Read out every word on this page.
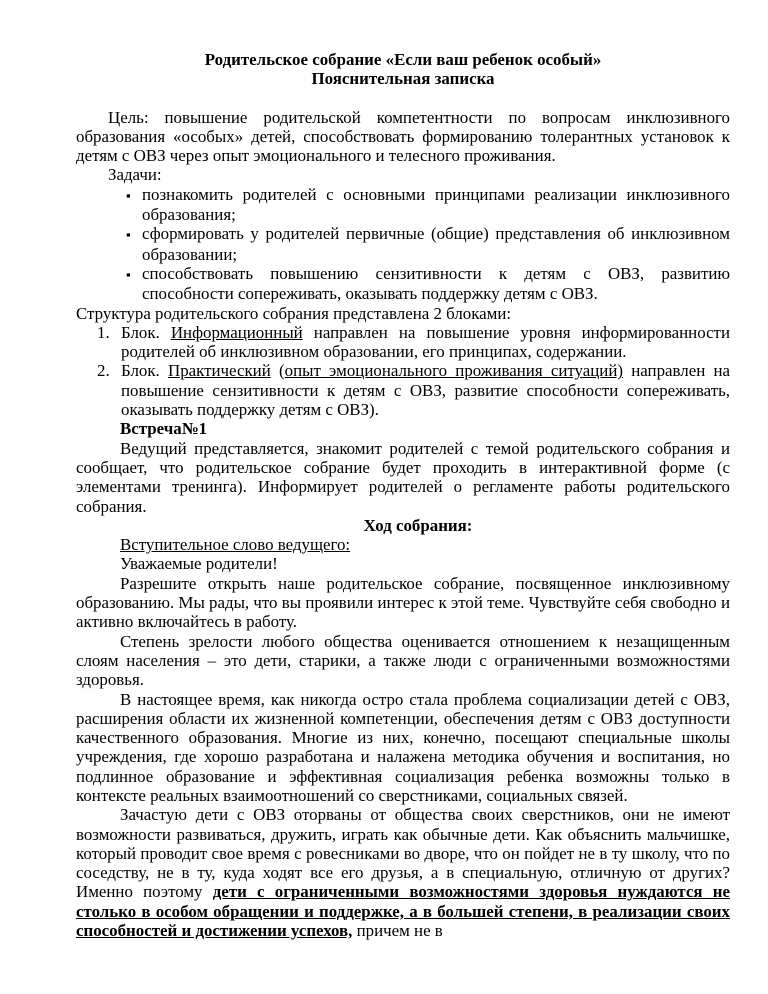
Родительское собрание «Если ваш ребенок особый»

Пояснительная записка

Цель: повышение родительской компетентности по вопросам инклюзивного образования «особых» детей, способствовать формированию толерантных установок к детям с ОВЗ через опыт эмоционального и телесного проживания.

Задачи:

▪ познакомить родителей с основными принципами реализации инклюзивного образования;

▪ сформировать у родителей первичные (общие) представления об инклюзивном образовании;

▪ способствовать повышению сензитивности к детям с ОВЗ, развитию способности сопереживать, оказывать поддержку детям с ОВЗ.

Структура родительского собрания представлена 2 блоками:

1. Блок. Информационный направлен на повышение уровня информированности родителей об инклюзивном образовании, его принципах, содержании.

2. Блок. Практический (опыт эмоционального проживания ситуаций) направлен на повышение сензитивности к детям с ОВЗ, развитие способности сопереживать, оказывать поддержку детям с ОВЗ).

Встреча№1

Ведущий представляется, знакомит родителей с темой родительского собрания и сообщает, что родительское собрание будет проходить в интерактивной форме (с элементами тренинга). Информирует родителей о регламенте работы родительского собрания.

Ход собрания:

Вступительное слово ведущего:

Уважаемые родители!

Разрешите открыть наше родительское собрание, посвященное инклюзивному образованию. Мы рады, что вы проявили интерес к этой теме. Чувствуйте себя свободно и активно включайтесь в работу.

Степень зрелости любого общества оценивается отношением к незащищенным слоям населения – это дети, старики, а также люди с ограниченными возможностями здоровья.

В настоящее время, как никогда остро стала проблема социализации детей с ОВЗ, расширения области их жизненной компетенции, обеспечения детям с ОВЗ доступности качественного образования. Многие из них, конечно, посещают специальные школы учреждения, где хорошо разработана и налажена методика обучения и воспитания, но подлинное образование и эффективная социализация ребенка возможны только в контексте реальных взаимоотношений со сверстниками, социальных связей.

Зачастую дети с ОВЗ оторваны от общества своих сверстников, они не имеют возможности развиваться, дружить, играть как обычные дети. Как объяснить мальчишке, который проводит свое время с ровесниками во дворе, что он пойдет не в ту школу, что по соседству, не в ту, куда ходят все его друзья, а в специальную, отличную от других? Именно поэтому дети с ограниченными возможностями здоровья нуждаются не столько в особом обращении и поддержке, а в большей степени, в реализации своих способностей и достижении успехов, причем не в
